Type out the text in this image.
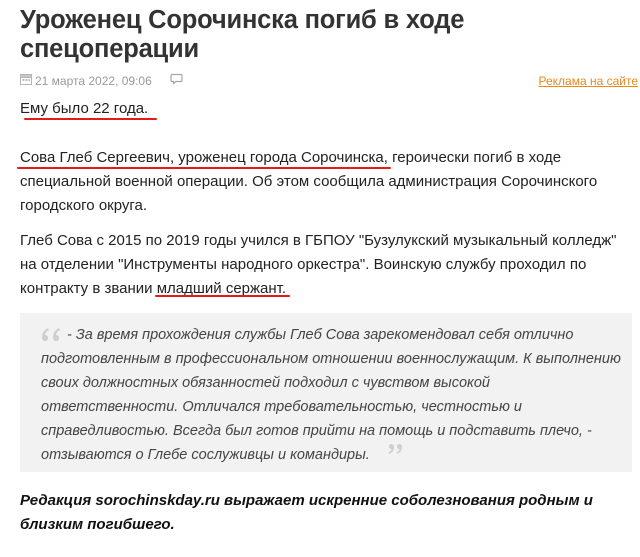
Уроженец Сорочинска погиб в ходе
спецоперации
21 марта 2022, 09:06	Реклама на сайте

Ему было 22 года.

Сова Глеб Сергеевич, уроженец города Сорочинска, героически погиб в ходе специальной военной операции. Об этом сообщила администрация Сорочинского городского округа.

Глеб Сова с 2015 по 2019 годы учился в ГБПОУ "Бузулукский музыкальный колледж" на отделении "Инструменты народного оркестра". Воинскую службу проходил по контракту в звании младший сержант.

- За время прохождения службы Глеб Сова зарекомендовал себя отлично подготовленным в профессиональном отношении военнослужащим. К выполнению своих должностных обязанностей подходил с чувством высокой ответственности. Отличался требовательностью, честностью и справедливостью. Всегда был готов прийти на помощь и подставить плечо, - отзываются о Глебе сослуживцы и командиры.
Редакция sorochinskday.ru выражает искренние соболезнования родным и близким погибшего.
